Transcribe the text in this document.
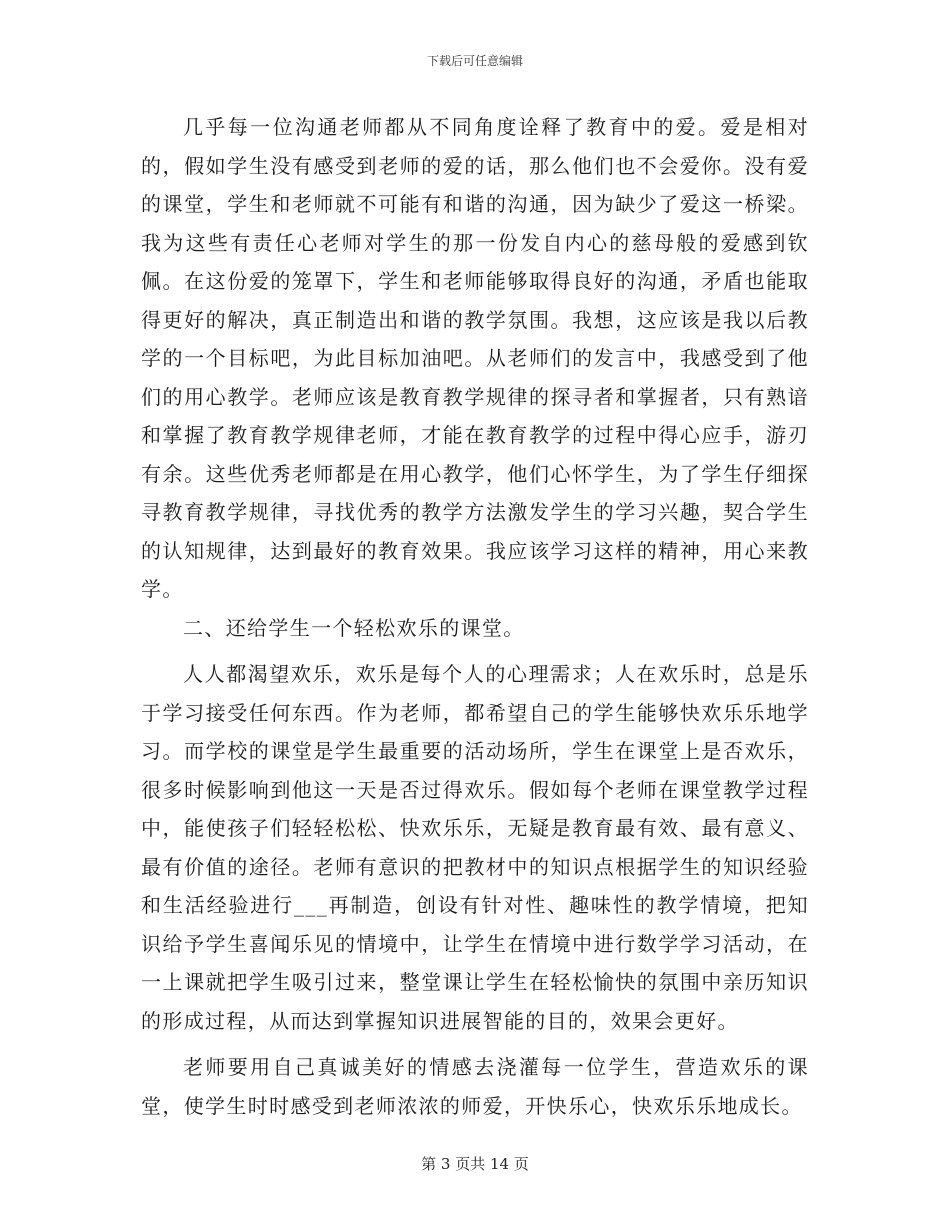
下载后可任意编辑

几乎每一位沟通老师都从不同角度诠释了教育中的爱。爱是相对的，假如学生没有感受到老师的爱的话，那么他们也不会爱你。没有爱的课堂，学生和老师就不可能有和谐的沟通，因为缺少了爱这一桥梁。我为这些有责任心老师对学生的那一份发自内心的慈母般的爱感到钦佩。在这份爱的笼罩下，学生和老师能够取得良好的沟通，矛盾也能取得更好的解决，真正制造出和谐的教学氛围。我想，这应该是我以后教学的一个目标吧，为此目标加油吧。从老师们的发言中，我感受到了他们的用心教学。老师应该是教育教学规律的探寻者和掌握者，只有熟谙和掌握了教育教学规律老师，才能在教育教学的过程中得心应手，游刃有余。这些优秀老师都是在用心教学，他们心怀学生，为了学生仔细探寻教育教学规律，寻找优秀的教学方法激发学生的学习兴趣，契合学生的认知规律，达到最好的教育效果。我应该学习这样的精神，用心来教学。

二、还给学生一个轻松欢乐的课堂。

人人都渴望欢乐，欢乐是每个人的心理需求；人在欢乐时，总是乐于学习接受任何东西。作为老师，都希望自己的学生能够快欢乐乐地学习。而学校的课堂是学生最重要的活动场所，学生在课堂上是否欢乐，很多时候影响到他这一天是否过得欢乐。假如每个老师在课堂教学过程中，能使孩子们轻轻松松、快欢乐乐，无疑是教育最有效、最有意义、最有价值的途径。老师有意识的把教材中的知识点根据学生的知识经验和生活经验进行___再制造，创设有针对性、趣味性的教学情境，把知识给予学生喜闻乐见的情境中，让学生在情境中进行数学学习活动，在一上课就把学生吸引过来，整堂课让学生在轻松愉快的氛围中亲历知识的形成过程，从而达到掌握知识进展智能的目的，效果会更好。

老师要用自己真诚美好的情感去浇灌每一位学生，营造欢乐的课堂，使学生时时感受到老师浓浓的师爱，开快乐心，快欢乐乐地成长。

第 3 页共 14 页
